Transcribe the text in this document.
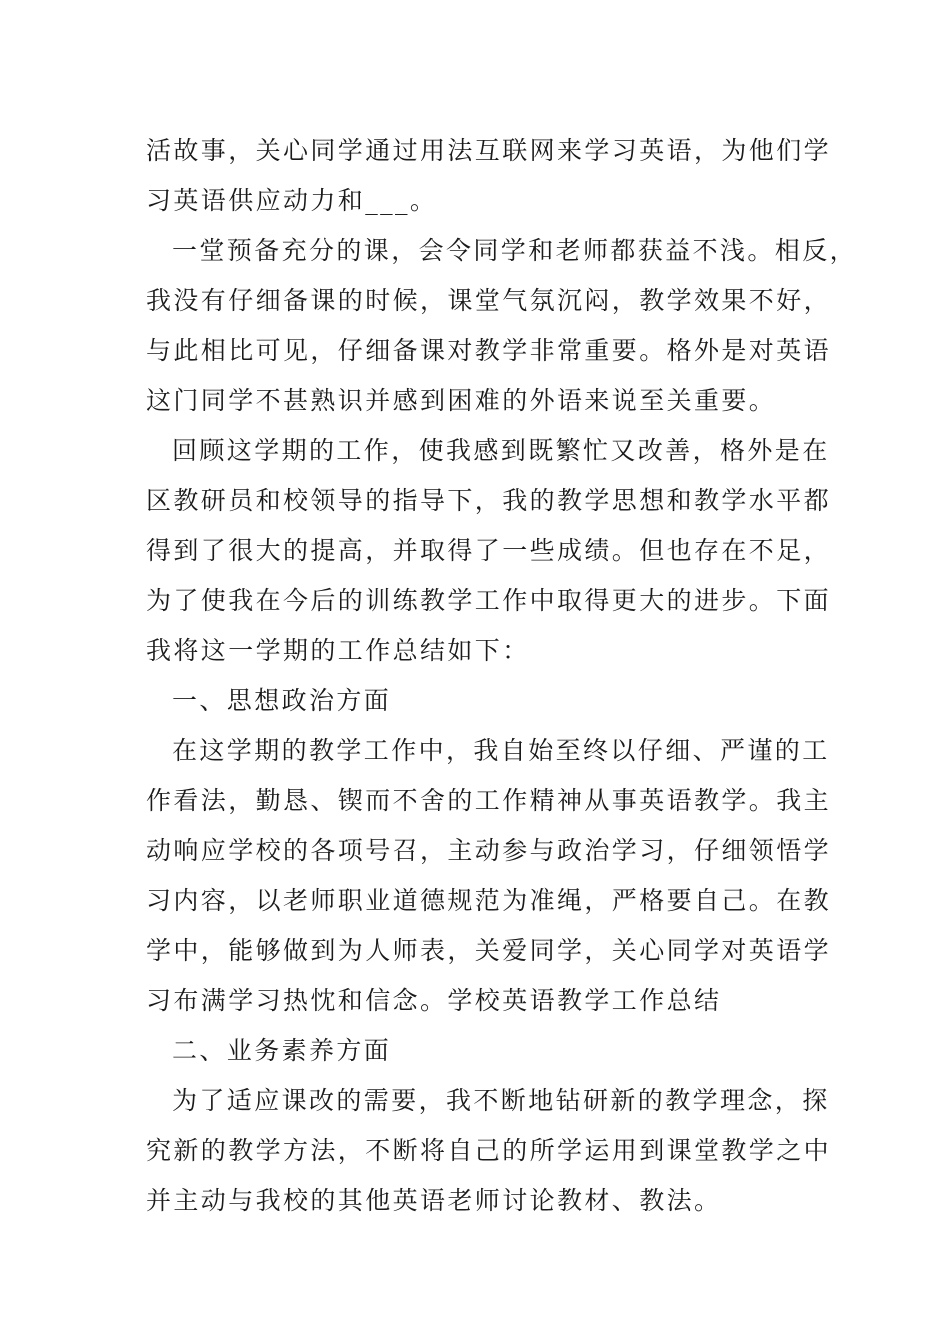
活故事，关心同学通过用法互联网来学习英语，为他们学
习英语供应动力和___。
一堂预备充分的课，会令同学和老师都获益不浅。相反，
我没有仔细备课的时候，课堂气氛沉闷，教学效果不好，
与此相比可见，仔细备课对教学非常重要。格外是对英语
这门同学不甚熟识并感到困难的外语来说至关重要。
回顾这学期的工作，使我感到既繁忙又改善，格外是在
区教研员和校领导的指导下，我的教学思想和教学水平都
得到了很大的提高，并取得了一些成绩。但也存在不足，
为了使我在今后的训练教学工作中取得更大的进步。下面
我将这一学期的工作总结如下：
一、思想政治方面
在这学期的教学工作中，我自始至终以仔细、严谨的工
作看法，勤恳、锲而不舍的工作精神从事英语教学。我主
动响应学校的各项号召，主动参与政治学习，仔细领悟学
习内容，以老师职业道德规范为准绳，严格要自己。在教
学中，能够做到为人师表，关爱同学，关心同学对英语学
习布满学习热忱和信念。学校英语教学工作总结
二、业务素养方面
为了适应课改的需要，我不断地钻研新的教学理念，探
究新的教学方法，不断将自己的所学运用到课堂教学之中
并主动与我校的其他英语老师讨论教材、教法。
